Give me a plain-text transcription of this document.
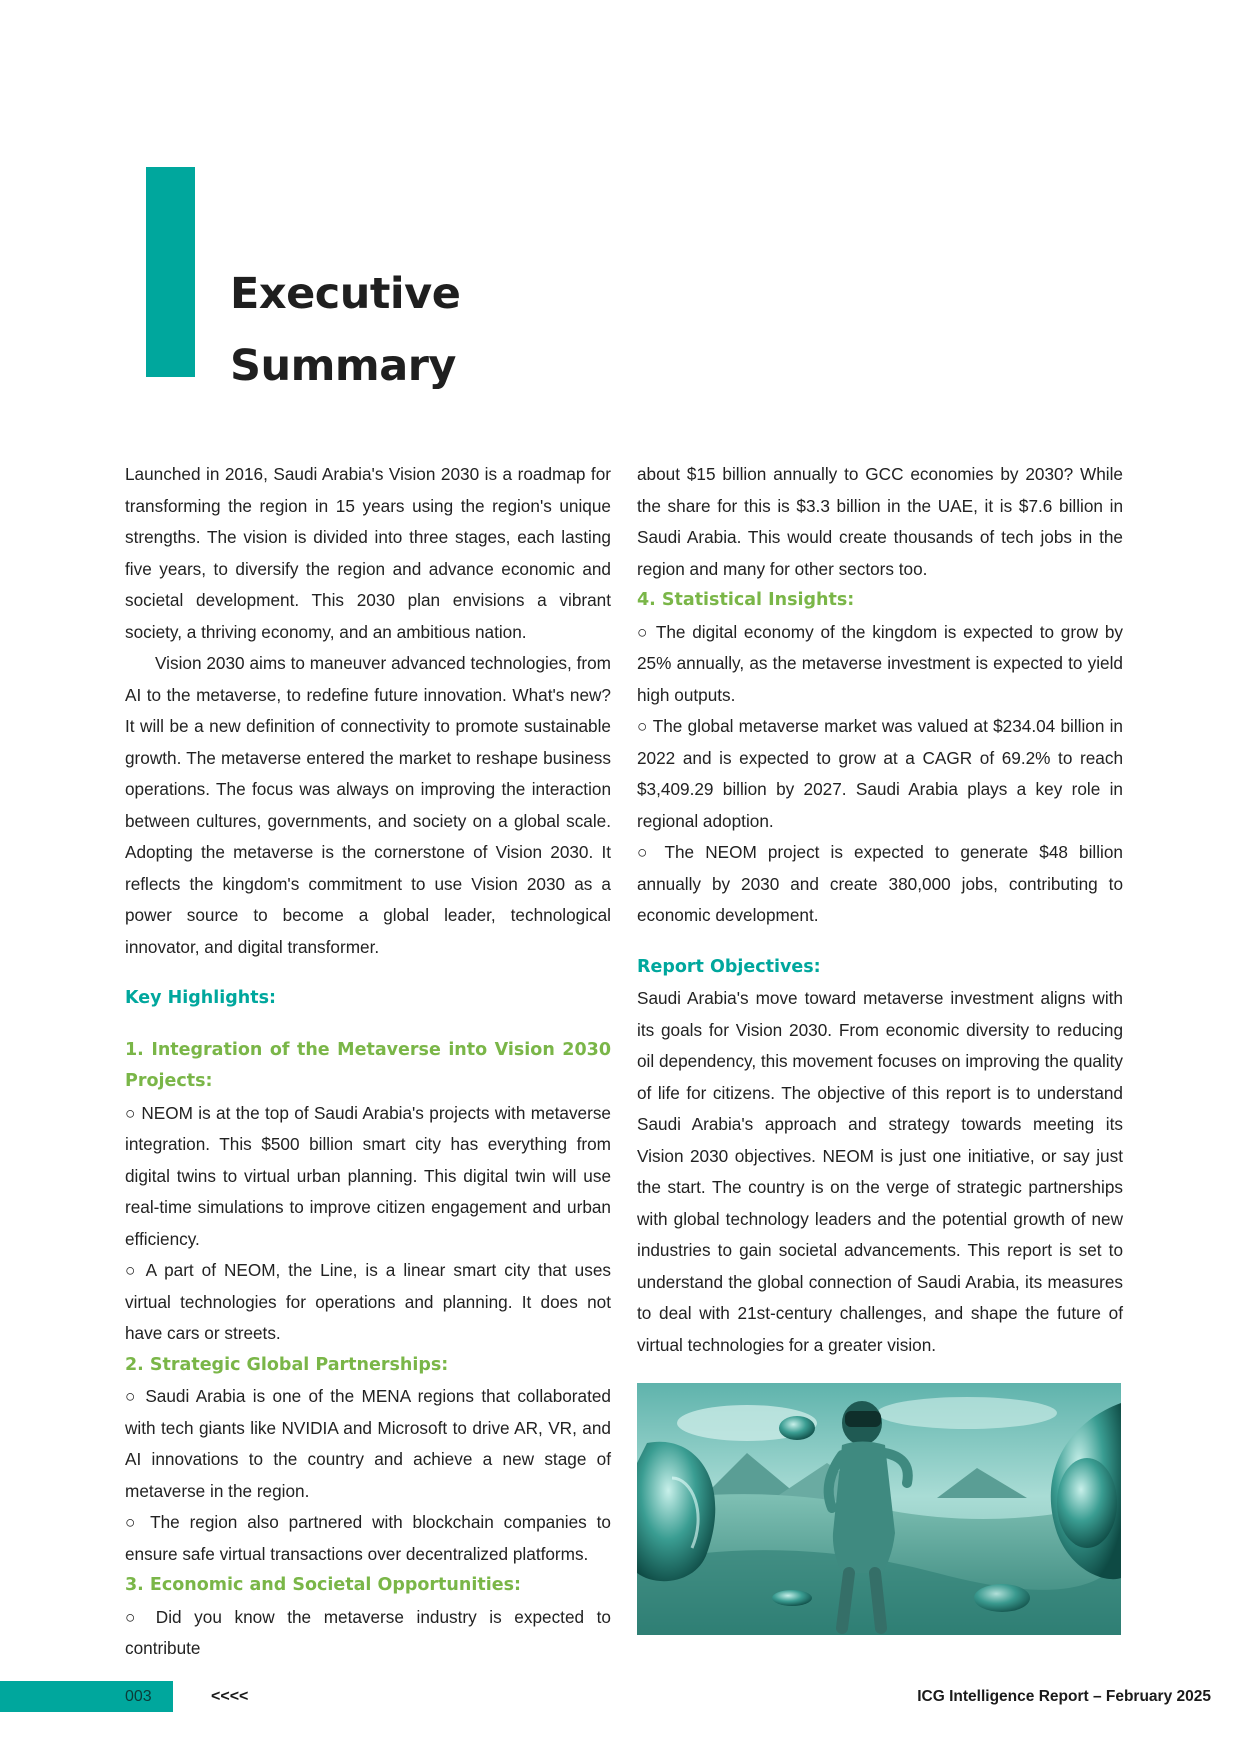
Executive
Summary

Launched in 2016, Saudi Arabia's Vision 2030 is a roadmap for transforming the region in 15 years using the region's unique strengths. The vision is divided into three stages, each lasting five years, to diversify the region and advance economic and societal development. This 2030 plan envisions a vibrant society, a thriving economy, and an ambitious nation.

Vision 2030 aims to maneuver advanced technologies, from AI to the metaverse, to redefine future innovation. What's new? It will be a new definition of connectivity to promote sustainable growth. The metaverse entered the market to reshape business operations. The focus was always on improving the interaction between cultures, governments, and society on a global scale. Adopting the metaverse is the cornerstone of Vision 2030. It reflects the kingdom's commitment to use Vision 2030 as a power source to become a global leader, technological innovator, and digital transformer.

Key Highlights:

1. Integration of the Metaverse into Vision 2030 Projects:

○ NEOM is at the top of Saudi Arabia's projects with metaverse integration. This $500 billion smart city has everything from digital twins to virtual urban planning. This digital twin will use real-time simulations to improve citizen engagement and urban efficiency.

○ A part of NEOM, the Line, is a linear smart city that uses virtual technologies for operations and planning. It does not have cars or streets.

2. Strategic Global Partnerships:

○ Saudi Arabia is one of the MENA regions that collaborated with tech giants like NVIDIA and Microsoft to drive AR, VR, and AI innovations to the country and achieve a new stage of metaverse in the region.

○ The region also partnered with blockchain companies to ensure safe virtual transactions over decentralized platforms.

3. Economic and Societal Opportunities:

○ Did you know the metaverse industry is expected to contribute

about $15 billion annually to GCC economies by 2030? While the share for this is $3.3 billion in the UAE, it is $7.6 billion in Saudi Arabia. This would create thousands of tech jobs in the region and many for other sectors too.

4. Statistical Insights:

○ The digital economy of the kingdom is expected to grow by 25% annually, as the metaverse investment is expected to yield high outputs.

○ The global metaverse market was valued at $234.04 billion in 2022 and is expected to grow at a CAGR of 69.2% to reach $3,409.29 billion by 2027. Saudi Arabia plays a key role in regional adoption.

○ The NEOM project is expected to generate $48 billion annually by 2030 and create 380,000 jobs, contributing to economic development.

Report Objectives:

Saudi Arabia's move toward metaverse investment aligns with its goals for Vision 2030. From economic diversity to reducing oil dependency, this movement focuses on improving the quality of life for citizens. The objective of this report is to understand Saudi Arabia's approach and strategy towards meeting its Vision 2030 objectives. NEOM is just one initiative, or say just the start. The country is on the verge of strategic partnerships with global technology leaders and the potential growth of new industries to gain societal advancements. This report is set to understand the global connection of Saudi Arabia, its measures to deal with 21st-century challenges, and shape the future of virtual technologies for a greater vision.

003	<<<<	ICG Intelligence Report – February 2025
